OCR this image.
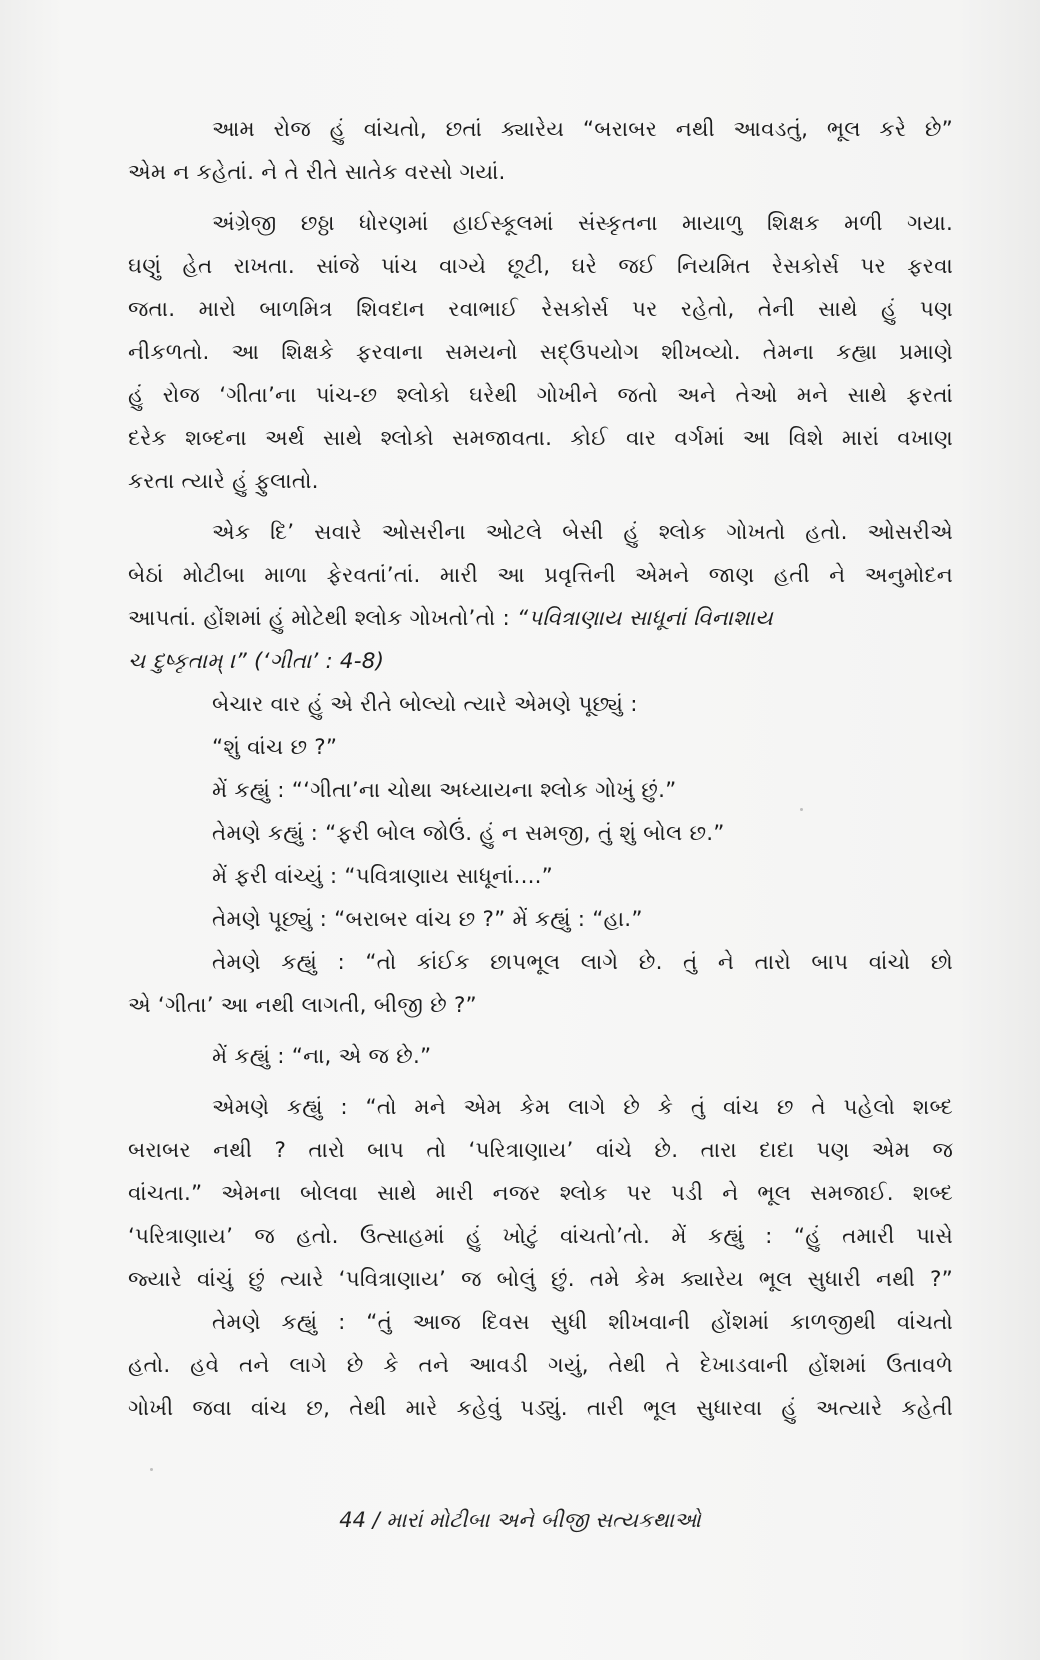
આમ રોજ હું વાંચતો, છતાં ક્યારેય “બરાબર નથી આવડતું, ભૂલ કરે છે”
એમ ન કહેતાં. ને તે રીતે સાતેક વરસો ગયાં.
અંગ્રેજી છઠ્ઠા ધોરણમાં હાઈસ્કૂલમાં સંસ્કૃતના માયાળુ શિક્ષક મળી ગયા.
ઘણું હેત રાખતા. સાંજે પાંચ વાગ્યે છૂટી, ઘરે જઈ નિયમિત રેસકોર્સ પર ફરવા
જતા. મારો બાળમિત્ર શિવદાન રવાભાઈ રેસકોર્સ પર રહેતો, તેની સાથે હું પણ
નીકળતો. આ શિક્ષકે ફરવાના સમયનો સદ્ઉપયોગ શીખવ્યો. તેમના કહ્યા પ્રમાણે
હું રોજ ‘ગીતા’ના પાંચ-છ શ્લોકો ઘરેથી ગોખીને જતો અને તેઓ મને સાથે ફરતાં
દરેક શબ્દના અર્થ સાથે શ્લોકો સમજાવતા. કોઈ વાર વર્ગમાં આ વિશે મારાં વખાણ
કરતા ત્યારે હું ફુલાતો.
એક દિ’ સવારે ઓસરીના ઓટલે બેસી હું શ્લોક ગોખતો હતો. ઓસરીએ
બેઠાં મોટીબા માળા ફેરવતાં’તાં. મારી આ પ્રવૃત્તિની એમને જાણ હતી ને અનુમોદન
આપતાં. હોંશમાં હું મોટેથી શ્લોક ગોખતો’તો : “પવિત્રાણાય સાધૂનાં વિનાશાય
ચ દુષ્કૃતામ્ ।” (‘ગીતા’ : 4-8)
બેચાર વાર હું એ રીતે બોલ્યો ત્યારે એમણે પૂછ્યું :
“શું વાંચ છ ?”
મેં કહ્યું : “‘ગીતા’ના ચોથા અધ્યાયના શ્લોક ગોખું છું.”
તેમણે કહ્યું : “ફરી બોલ જોઉં. હું ન સમજી, તું શું બોલ છ.”
મેં ફરી વાંચ્યું : “પવિત્રાણાય સાધૂનાં....”
તેમણે પૂછ્યું : “બરાબર વાંચ છ ?” મેં કહ્યું : “હા.”
તેમણે કહ્યું : “તો કાંઈક છાપભૂલ લાગે છે. તું ને તારો બાપ વાંચો છો
એ ‘ગીતા’ આ નથી લાગતી, બીજી છે ?”
મેં કહ્યું : “ના, એ જ છે.”
એમણે કહ્યું : “તો મને એમ કેમ લાગે છે કે તું વાંચ છ તે પહેલો શબ્દ
બરાબર નથી ? તારો બાપ તો ‘પરિત્રાણાય’ વાંચે છે. તારા દાદા પણ એમ જ
વાંચતા.” એમના બોલવા સાથે મારી નજર શ્લોક પર પડી ને ભૂલ સમજાઈ. શબ્દ
‘પરિત્રાણાય’ જ હતો. ઉત્સાહમાં હું ખોટું વાંચતો’તો. મેં કહ્યું : “હું તમારી પાસે
જ્યારે વાંચું છું ત્યારે ‘પવિત્રાણાય’ જ બોલું છું. તમે કેમ ક્યારેય ભૂલ સુધારી નથી ?”
તેમણે કહ્યું : “તું આજ દિવસ સુધી શીખવાની હોંશમાં કાળજીથી વાંચતો
હતો. હવે તને લાગે છે કે તને આવડી ગયું, તેથી તે દેખાડવાની હોંશમાં ઉતાવળે
ગોખી જવા વાંચ છ, તેથી મારે કહેવું પડ્યું. તારી ભૂલ સુધારવા હું અત્યારે કહેતી
44 / મારાં મોટીબા અને બીજી સત્યકથાઓ
